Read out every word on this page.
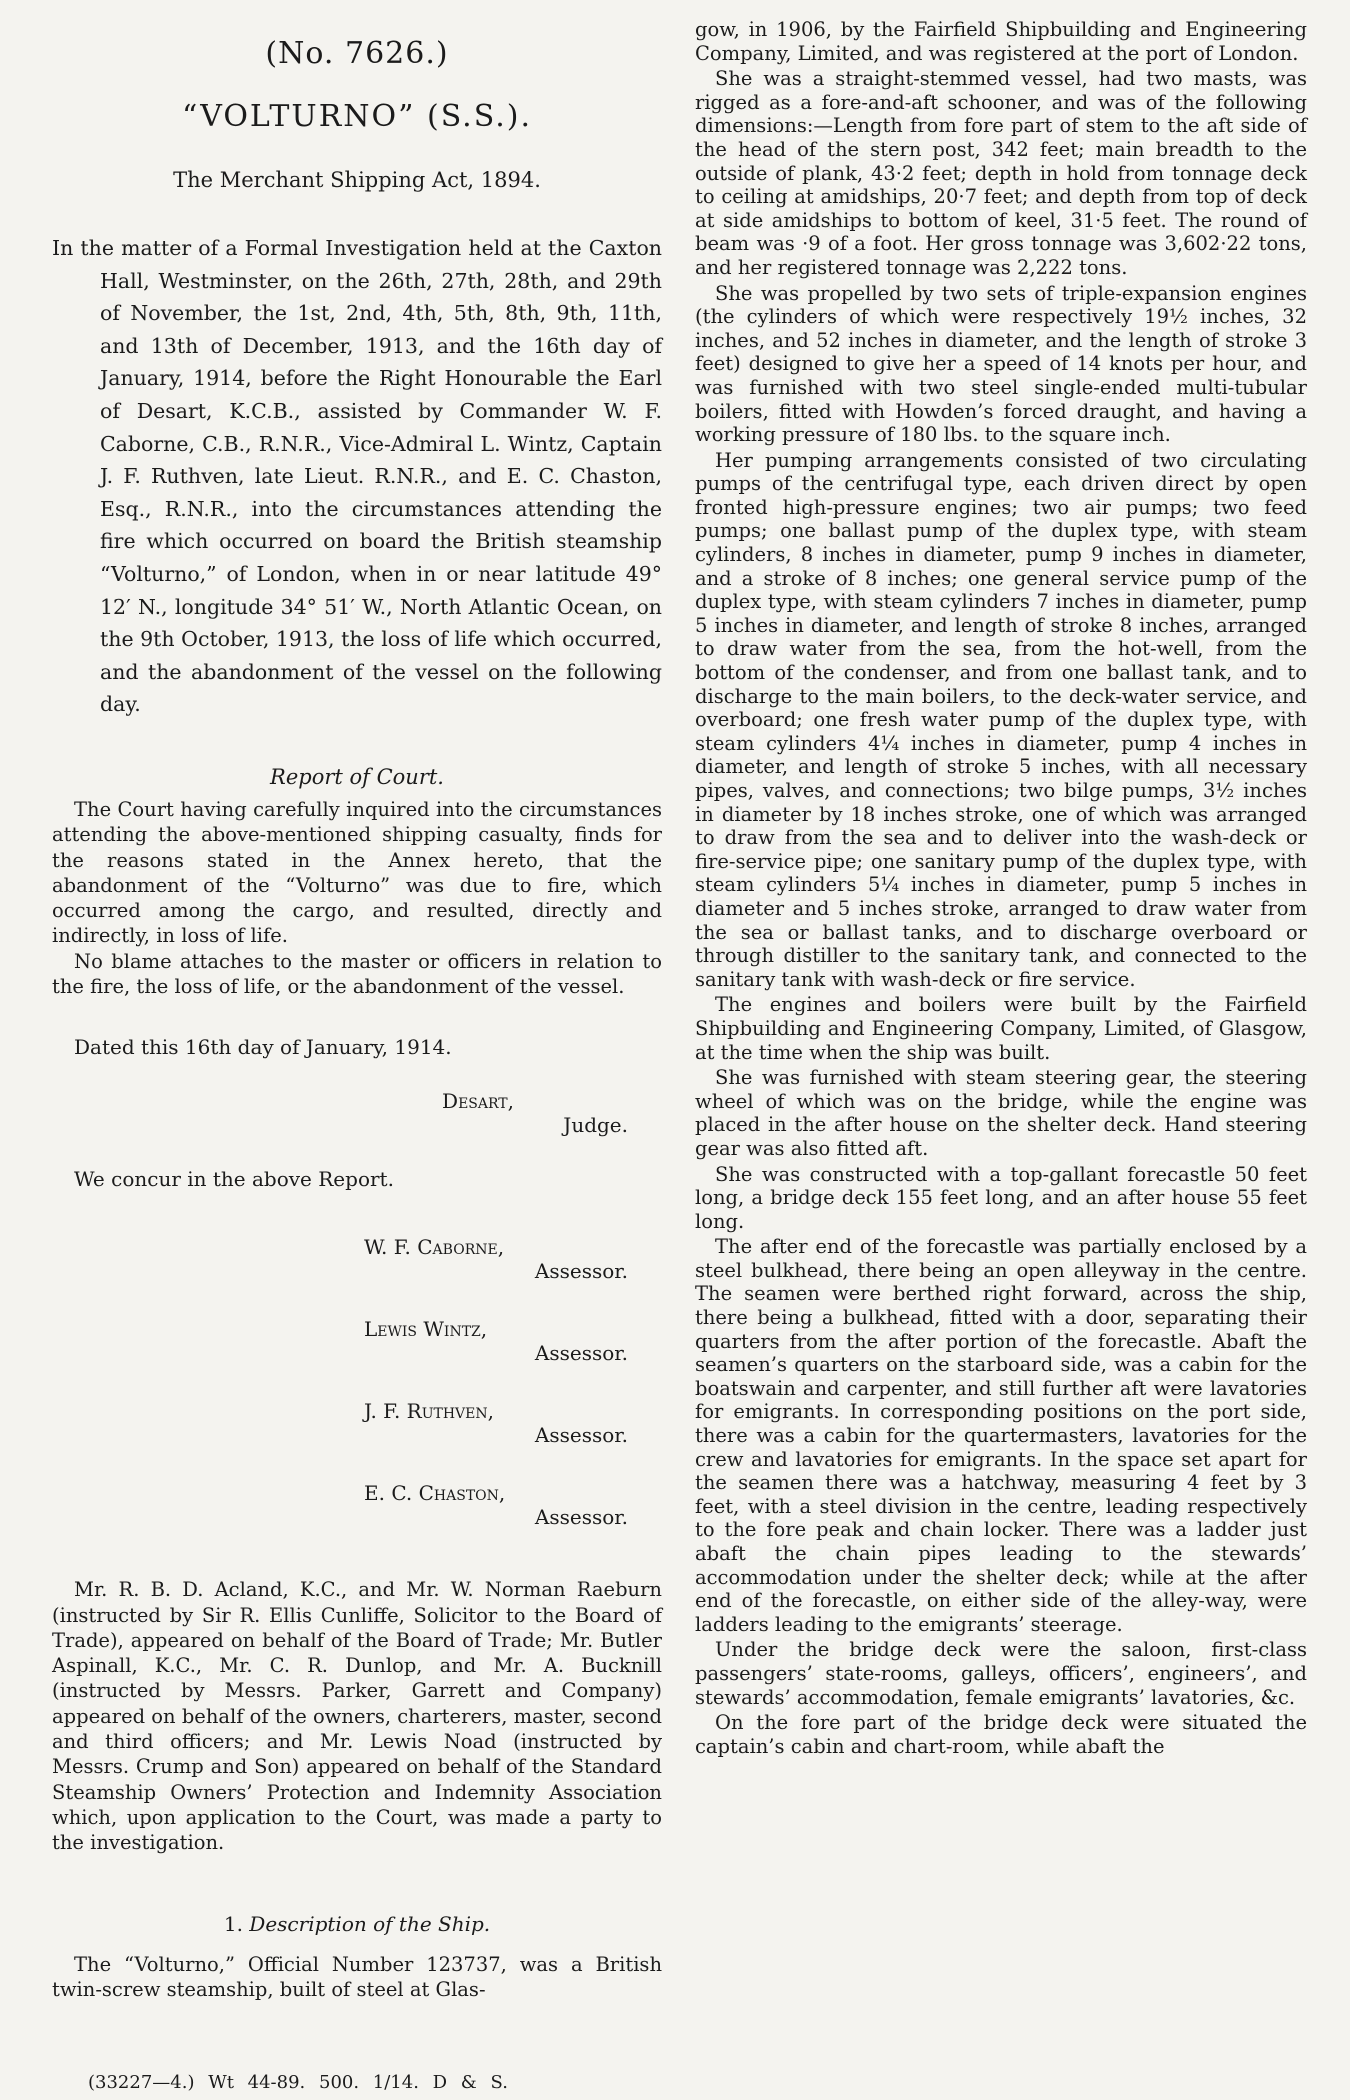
(No. 7626.)
“VOLTURNO” (S.S.).
The Merchant Shipping Act, 1894.

In the matter of a Formal Investigation held at the Caxton Hall, Westminster, on the 26th, 27th, 28th, and 29th of November, the 1st, 2nd, 4th, 5th, 8th, 9th, 11th, and 13th of December, 1913, and the 16th day of January, 1914, before the Right Honourable the Earl of Desart, K.C.B., assisted by Commander W. F. Caborne, C.B., R.N.R., Vice-Admiral L. Wintz, Captain J. F. Ruthven, late Lieut. R.N.R., and E. C. Chaston, Esq., R.N.R., into the circumstances attending the fire which occurred on board the British steamship “Volturno,” of London, when in or near latitude 49° 12′ N., longitude 34° 51′ W., North Atlantic Ocean, on the 9th October, 1913, the loss of life which occurred, and the abandonment of the vessel on the following day.

Report of Court.

The Court having carefully inquired into the circumstances attending the above-mentioned shipping casualty, finds for the reasons stated in the Annex hereto, that the abandonment of the “Volturno” was due to fire, which occurred among the cargo, and resulted, directly and indirectly, in loss of life.

No blame attaches to the master or officers in relation to the fire, the loss of life, or the abandonment of the vessel.

Dated this 16th day of January, 1914.
Desart,
Judge.
We concur in the above Report.
W. F. Caborne,
Assessor.
Lewis Wintz,
Assessor.
J. F. Ruthven,
Assessor.
E. C. Chaston,
Assessor.

Mr. R. B. D. Acland, K.C., and Mr. W. Norman Raeburn (instructed by Sir R. Ellis Cunliffe, Solicitor to the Board of Trade), appeared on behalf of the Board of Trade; Mr. Butler Aspinall, K.C., Mr. C. R. Dunlop, and Mr. A. Bucknill (instructed by Messrs. Parker, Garrett and Company) appeared on behalf of the owners, charterers, master, second and third officers; and Mr. Lewis Noad (instructed by Messrs. Crump and Son) appeared on behalf of the Standard Steamship Owners’ Protection and Indemnity Association which, upon application to the Court, was made a party to the investigation.

1. Description of the Ship.

The “Volturno,” Official Number 123737, was a British twin-screw steamship, built of steel at Glas-

gow, in 1906, by the Fairfield Shipbuilding and Engineering Company, Limited, and was registered at the port of London.

She was a straight-stemmed vessel, had two masts, was rigged as a fore-and-aft schooner, and was of the following dimensions:—Length from fore part of stem to the aft side of the head of the stern post, 342 feet; main breadth to the outside of plank, 43·2 feet; depth in hold from tonnage deck to ceiling at amidships, 20·7 feet; and depth from top of deck at side amidships to bottom of keel, 31·5 feet. The round of beam was ·9 of a foot. Her gross tonnage was 3,602·22 tons, and her registered tonnage was 2,222 tons.

She was propelled by two sets of triple-expansion engines (the cylinders of which were respectively 19½ inches, 32 inches, and 52 inches in diameter, and the length of stroke 3 feet) designed to give her a speed of 14 knots per hour, and was furnished with two steel single-ended multi-tubular boilers, fitted with Howden’s forced draught, and having a working pressure of 180 lbs. to the square inch.

Her pumping arrangements consisted of two circulating pumps of the centrifugal type, each driven direct by open fronted high-pressure engines; two air pumps; two feed pumps; one ballast pump of the duplex type, with steam cylinders, 8 inches in diameter, pump 9 inches in diameter, and a stroke of 8 inches; one general service pump of the duplex type, with steam cylinders 7 inches in diameter, pump 5 inches in diameter, and length of stroke 8 inches, arranged to draw water from the sea, from the hot-well, from the bottom of the condenser, and from one ballast tank, and to discharge to the main boilers, to the deck-water service, and overboard; one fresh water pump of the duplex type, with steam cylinders 4¼ inches in diameter, pump 4 inches in diameter, and length of stroke 5 inches, with all necessary pipes, valves, and connections; two bilge pumps, 3½ inches in diameter by 18 inches stroke, one of which was arranged to draw from the sea and to deliver into the wash-deck or fire-service pipe; one sanitary pump of the duplex type, with steam cylinders 5¼ inches in diameter, pump 5 inches in diameter and 5 inches stroke, arranged to draw water from the sea or ballast tanks, and to discharge overboard or through distiller to the sanitary tank, and connected to the sanitary tank with wash-deck or fire service.

The engines and boilers were built by the Fairfield Shipbuilding and Engineering Company, Limited, of Glasgow, at the time when the ship was built.

She was furnished with steam steering gear, the steering wheel of which was on the bridge, while the engine was placed in the after house on the shelter deck. Hand steering gear was also fitted aft.

She was constructed with a top-gallant forecastle 50 feet long, a bridge deck 155 feet long, and an after house 55 feet long.

The after end of the forecastle was partially enclosed by a steel bulkhead, there being an open alleyway in the centre. The seamen were berthed right forward, across the ship, there being a bulkhead, fitted with a door, separating their quarters from the after portion of the forecastle. Abaft the seamen’s quarters on the starboard side, was a cabin for the boatswain and carpenter, and still further aft were lavatories for emigrants. In corresponding positions on the port side, there was a cabin for the quartermasters, lavatories for the crew and lavatories for emigrants. In the space set apart for the seamen there was a hatchway, measuring 4 feet by 3 feet, with a steel division in the centre, leading respectively to the fore peak and chain locker. There was a ladder just abaft the chain pipes leading to the stewards’ accommodation under the shelter deck; while at the after end of the forecastle, on either side of the alley-way, were ladders leading to the emigrants’ steerage.

Under the bridge deck were the saloon, first-class passengers’ state-rooms, galleys, officers’, engineers’, and stewards’ accommodation, female emigrants’ lavatories, &c.

On the fore part of the bridge deck were situated the captain’s cabin and chart-room, while abaft the

(33227—4.) Wt 44-89. 500. 1/14. D & S.
